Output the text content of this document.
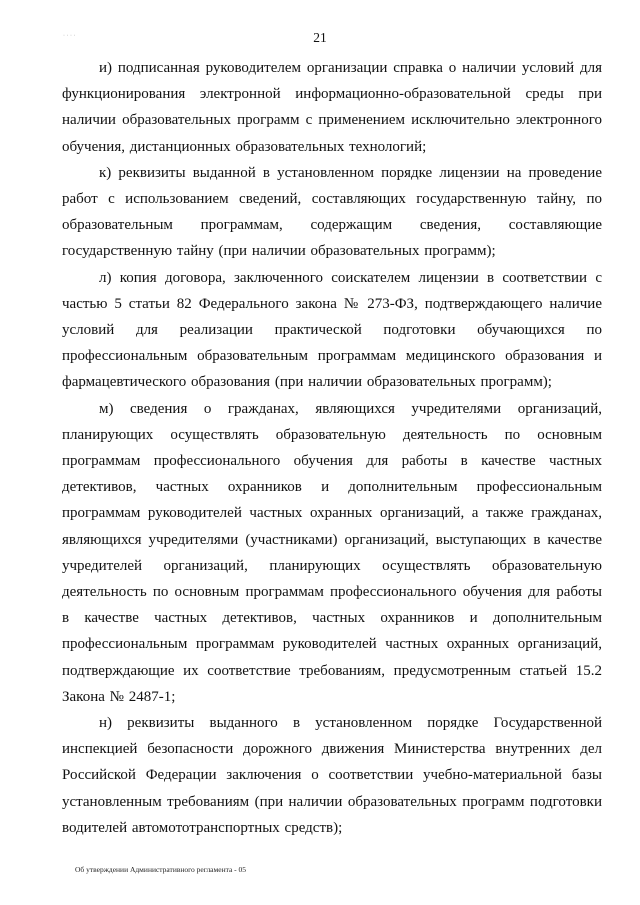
· · · ·	21

и) подписанная руководителем организации справка о наличии условий для функционирования электронной информационно-образовательной среды при наличии образовательных программ с применением исключительно электронного обучения, дистанционных образовательных технологий;

к) реквизиты выданной в установленном порядке лицензии на проведение работ с использованием сведений, составляющих государственную тайну, по образовательным программам, содержащим сведения, составляющие государственную тайну (при наличии образовательных программ);

л) копия договора, заключенного соискателем лицензии в соответствии с частью 5 статьи 82 Федерального закона № 273-ФЗ, подтверждающего наличие условий для реализации практической подготовки обучающихся по профессиональным образовательным программам медицинского образования и фармацевтического образования (при наличии образовательных программ);

м) сведения о гражданах, являющихся учредителями организаций, планирующих осуществлять образовательную деятельность по основным программам профессионального обучения для работы в качестве частных детективов, частных охранников и дополнительным профессиональным программам руководителей частных охранных организаций, а также гражданах, являющихся учредителями (участниками) организаций, выступающих в качестве учредителей организаций, планирующих осуществлять образовательную деятельность по основным программам профессионального обучения для работы в качестве частных детективов, частных охранников и дополнительным профессиональным программам руководителей частных охранных организаций, подтверждающие их соответствие требованиям, предусмотренным статьей 15.2 Закона № 2487-1;

н) реквизиты выданного в установленном порядке Государственной инспекцией безопасности дорожного движения Министерства внутренних дел Российской Федерации заключения о соответствии учебно-материальной базы установленным требованиям (при наличии образовательных программ подготовки водителей автомототранспортных средств);

Об утверждении Административного регламента - 05
